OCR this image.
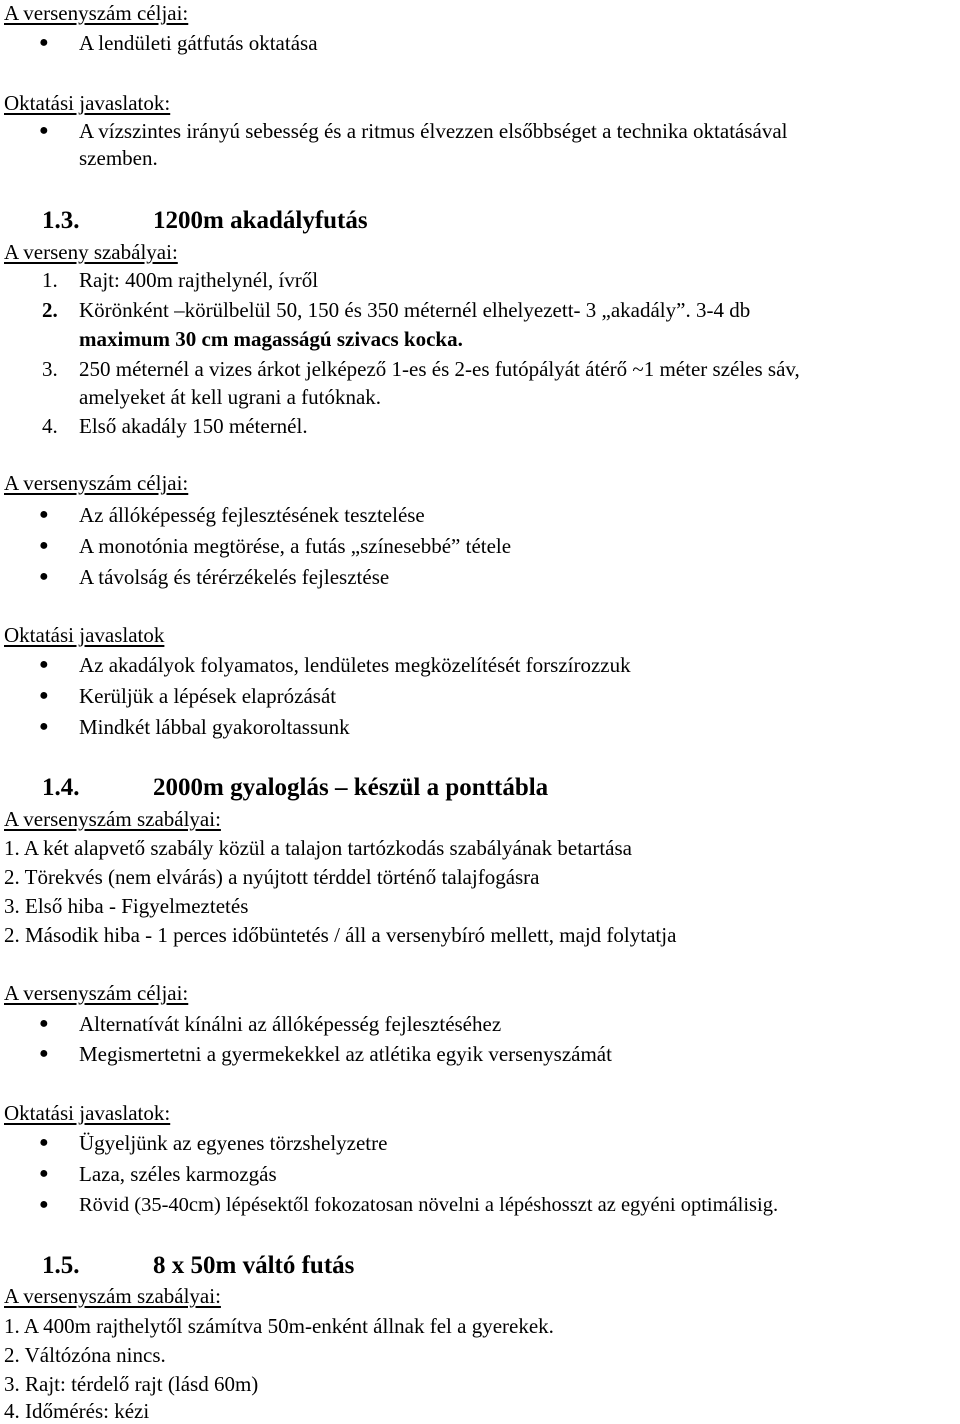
A versenyszám céljai:
● A lendületi gátfutás oktatása
Oktatási javaslatok:
● A vízszintes irányú sebesség és a ritmus élvezzen elsőbbséget a technika oktatásával
szemben.
1.3.	1200m akadályfutás
A verseny szabályai:
1. Rajt: 400m rajthelynél, ívről
2. Körönként –körülbelül 50, 150 és 350 méternél elhelyezett- 3 „akadály”. 3-4 db
maximum 30 cm magasságú szivacs kocka.
3. 250 méternél a vizes árkot jelképező 1-es és 2-es futópályát átérő ~1 méter széles sáv,
amelyeket át kell ugrani a futóknak.
4. Első akadály 150 méternél.
A versenyszám céljai:
● Az állóképesség fejlesztésének tesztelése
● A monotónia megtörése, a futás „színesebbé” tétele
● A távolság és térérzékelés fejlesztése
Oktatási javaslatok
● Az akadályok folyamatos, lendületes megközelítését forszírozzuk
● Kerüljük a lépések elaprózását
● Mindkét lábbal gyakoroltassunk
1.4.	2000m gyaloglás – készül a ponttábla
A versenyszám szabályai:
1. A két alapvető szabály közül a talajon tartózkodás szabályának betartása
2. Törekvés (nem elvárás) a nyújtott térddel történő talajfogásra
3. Első hiba - Figyelmeztetés
2. Második hiba - 1 perces időbüntetés / áll a versenybíró mellett, majd folytatja
A versenyszám céljai:
● Alternatívát kínálni az állóképesség fejlesztéséhez
● Megismertetni a gyermekekkel az atlétika egyik versenyszámát
Oktatási javaslatok:
● Ügyeljünk az egyenes törzshelyzetre
● Laza, széles karmozgás
● Rövid (35-40cm) lépésektől fokozatosan növelni a lépéshosszt az egyéni optimálisig.
1.5.	8 x 50m váltó futás
A versenyszám szabályai:
1. A 400m rajthelytől számítva 50m-enként állnak fel a gyerekek.
2. Váltózóna nincs.
3. Rajt: térdelő rajt (lásd 60m)
4. Időmérés: kézi
